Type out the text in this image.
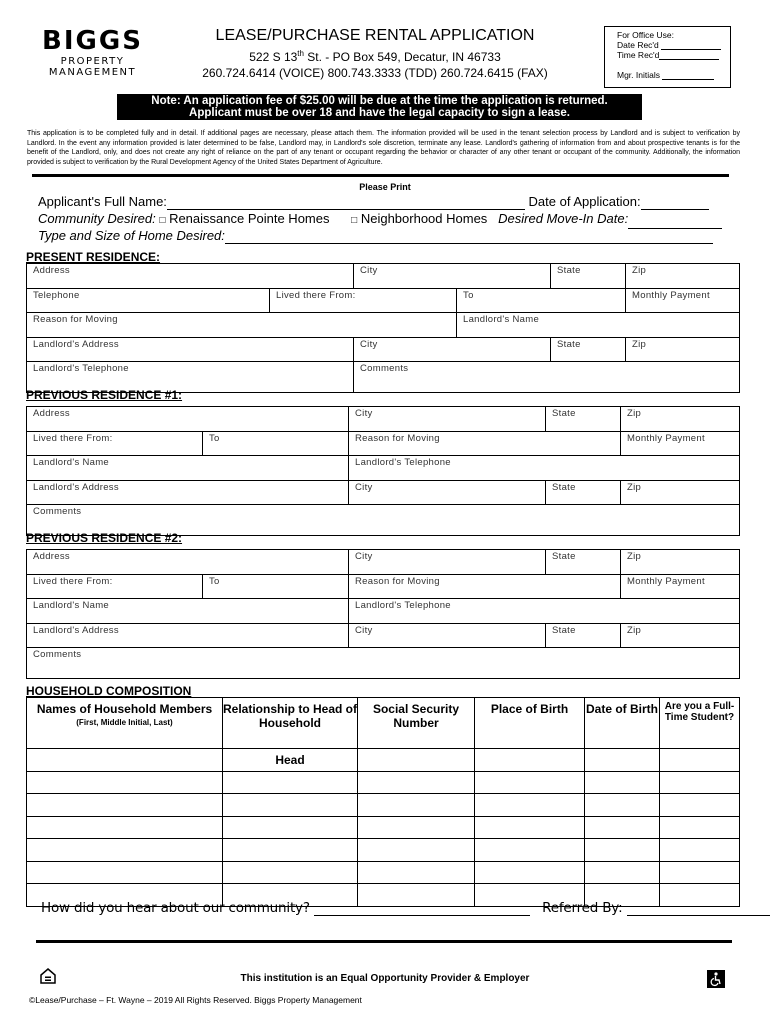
BIGGS
PROPERTY
MANAGEMENT
LEASE/PURCHASE RENTAL APPLICATION
522 S 13th St. - PO Box 549, Decatur, IN 46733
260.724.6414 (VOICE) 800.743.3333 (TDD) 260.724.6415 (FAX)
For Office Use:
Date Rec'd
Time Rec'd
Mgr. Initials
Note: An application fee of $25.00 will be due at the time the application is returned.
Applicant must be over 18 and have the legal capacity to sign a lease.
This application is to be completed fully and in detail. If additional pages are necessary, please attach them. The information provided will be used in the tenant selection process by Landlord and is subject to verification by Landlord. In the event any information provided is later determined to be false, Landlord may, in Landlord's sole discretion, terminate any lease. Landlord's gathering of information from and about prospective tenants is for the benefit of the Landlord, only, and does not create any right of reliance on the part of any tenant or occupant regarding the behavior or character of any other tenant or occupant of the community. Additionally, the information provided is subject to verification by the Rural Development Agency of the United States Department of Agriculture.
Please Print
Applicant's Full Name:	Date of Application:
Community Desired: □ Renaissance Pointe Homes □ Neighborhood Homes Desired Move-In Date:
Type and Size of Home Desired:
PRESENT RESIDENCE:
Address		City		State	Zip
Telephone	Lived there From:		To		Monthly Payment
Reason for Moving			Landlord's Name		
Landlord's Address		City		State	Zip
Landlord's Telephone		Comments			
PREVIOUS RESIDENCE #1:
Address		City	State	Zip
Lived there From:	To	Reason for Moving		Monthly Payment
Landlord's Name		Landlord's Telephone		
Landlord's Address		City	State	Zip
Comments				
PREVIOUS RESIDENCE #2:
Address		City	State	Zip
Lived there From:	To	Reason for Moving		Monthly Payment
Landlord's Name		Landlord's Telephone		
Landlord's Address		City	State	Zip
Comments				
HOUSEHOLD COMPOSITION
Names of Household Members
(First, Middle Initial, Last)	Relationship to Head of Household	Social Security Number	Place of Birth	Date of Birth	Are you a Full-Time Student?
	Head				

How did you hear about our community?	Referred By:
This institution is an Equal Opportunity Provider & Employer
©Lease/Purchase – Ft. Wayne – 2019 All Rights Reserved. Biggs Property Management
